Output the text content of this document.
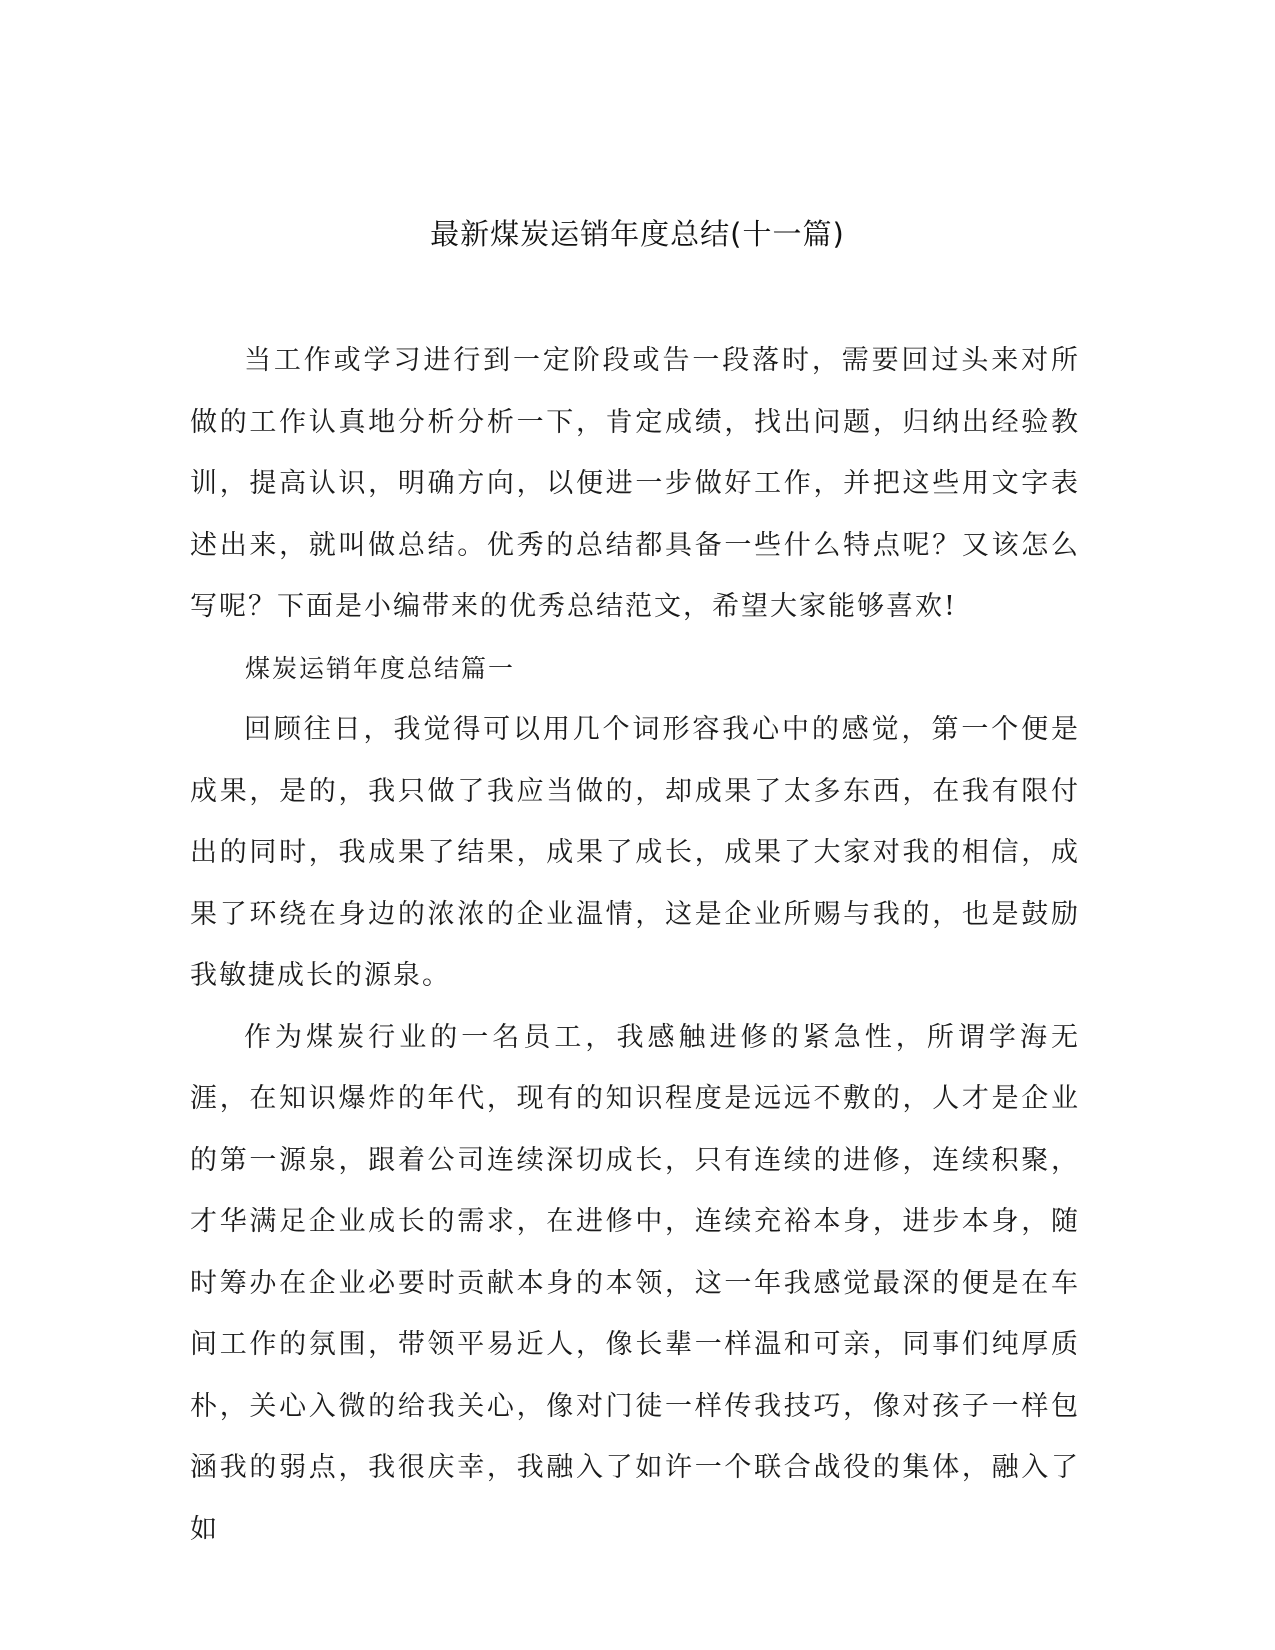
最新煤炭运销年度总结(十一篇)

当工作或学习进行到一定阶段或告一段落时，需要回过头来对所做的工作认真地分析分析一下，肯定成绩，找出问题，归纳出经验教训，提高认识，明确方向，以便进一步做好工作，并把这些用文字表述出来，就叫做总结。优秀的总结都具备一些什么特点呢？又该怎么写呢？下面是小编带来的优秀总结范文，希望大家能够喜欢!

煤炭运销年度总结篇一

回顾往日，我觉得可以用几个词形容我心中的感觉，第一个便是成果，是的，我只做了我应当做的，却成果了太多东西，在我有限付出的同时，我成果了结果，成果了成长，成果了大家对我的相信，成果了环绕在身边的浓浓的企业温情，这是企业所赐与我的，也是鼓励我敏捷成长的源泉。

作为煤炭行业的一名员工，我感触进修的紧急性，所谓学海无涯，在知识爆炸的年代，现有的知识程度是远远不敷的，人才是企业的第一源泉，跟着公司连续深切成长，只有连续的进修，连续积聚，才华满足企业成长的需求，在进修中，连续充裕本身，进步本身，随时筹办在企业必要时贡献本身的本领，这一年我感觉最深的便是在车间工作的氛围，带领平易近人，像长辈一样温和可亲，同事们纯厚质朴，关心入微的给我关心，像对门徒一样传我技巧，像对孩子一样包涵我的弱点，我很庆幸，我融入了如许一个联合战役的集体，融入了如
